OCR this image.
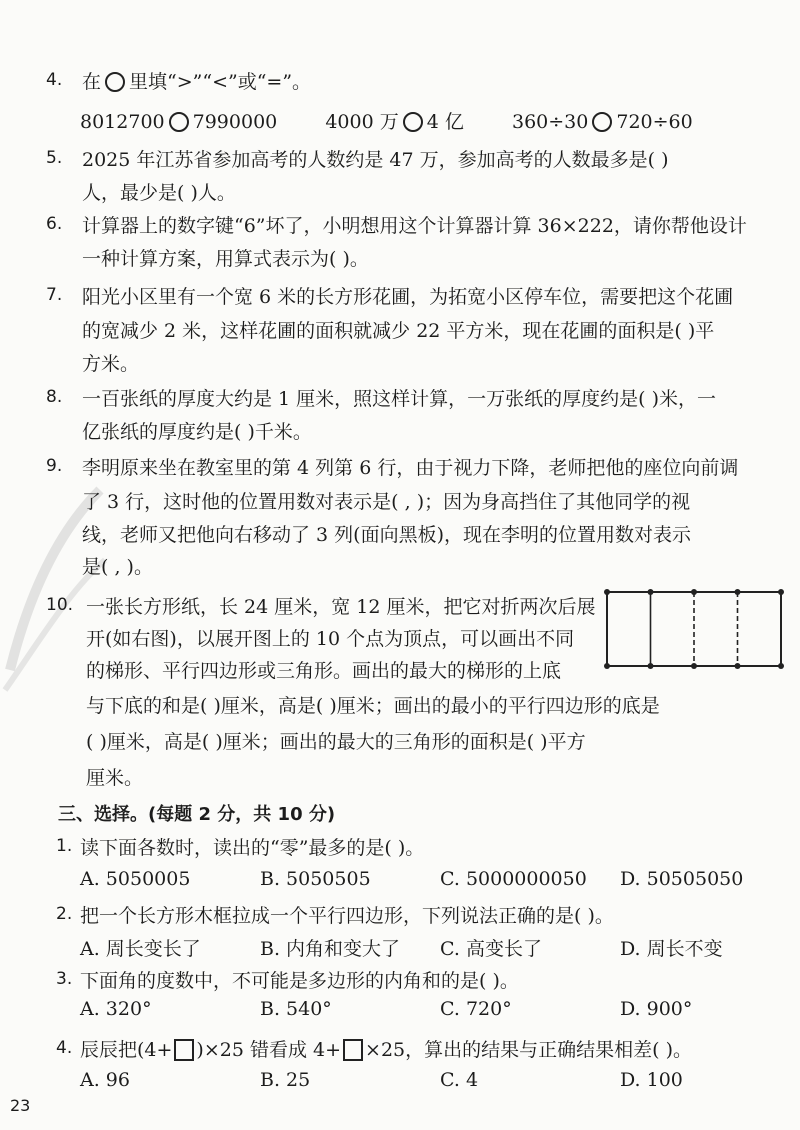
4.	在 里填“>”“<”或“=”。
8012700 7990000	4000 万 4 亿	360÷30 720÷60
5.	2025 年江苏省参加高考的人数约是 47 万，参加高考的人数最多是( )
人，最少是( )人。
6.	计算器上的数字键“6”坏了，小明想用这个计算器计算 36×222，请你帮他设计
一种计算方案，用算式表示为( )。
7.	阳光小区里有一个宽 6 米的长方形花圃，为拓宽小区停车位，需要把这个花圃
的宽减少 2 米，这样花圃的面积就减少 22 平方米，现在花圃的面积是( )平
方米。
8.	一百张纸的厚度大约是 1 厘米，照这样计算，一万张纸的厚度约是( )米，一
亿张纸的厚度约是( )千米。
9.	李明原来坐在教室里的第 4 列第 6 行，由于视力下降，老师把他的座位向前调
了 3 行，这时他的位置用数对表示是( , )；因为身高挡住了其他同学的视
线，老师又把他向右移动了 3 列(面向黑板)，现在李明的位置用数对表示
是( , )。
10. 一张长方形纸，长 24 厘米，宽 12 厘米，把它对折两次后展
开(如右图)，以展开图上的 10 个点为顶点，可以画出不同
的梯形、平行四边形或三角形。画出的最大的梯形的上底
与下底的和是( )厘米，高是( )厘米；画出的最小的平行四边形的底是
( )厘米，高是( )厘米；画出的最大的三角形的面积是( )平方
厘米。
三、选择。(每题 2 分，共 10 分)
1. 读下面各数时，读出的“零”最多的是( )。
A. 5050005	B. 5050505	C. 5000000050 D. 50505050
2. 把一个长方形木框拉成一个平行四边形，下列说法正确的是( )。
A. 周长变长了	B. 内角和变大了 C. 高变长了	D. 周长不变
3. 下面角的度数中，不可能是多边形的内角和的是( )。
A. 320°	B. 540°	C. 720°	D. 900°
4. 辰辰把(4+ )×25 错看成 4+ ×25，算出的结果与正确结果相差( )。
A. 96	B. 25	C. 4	D. 100
23
